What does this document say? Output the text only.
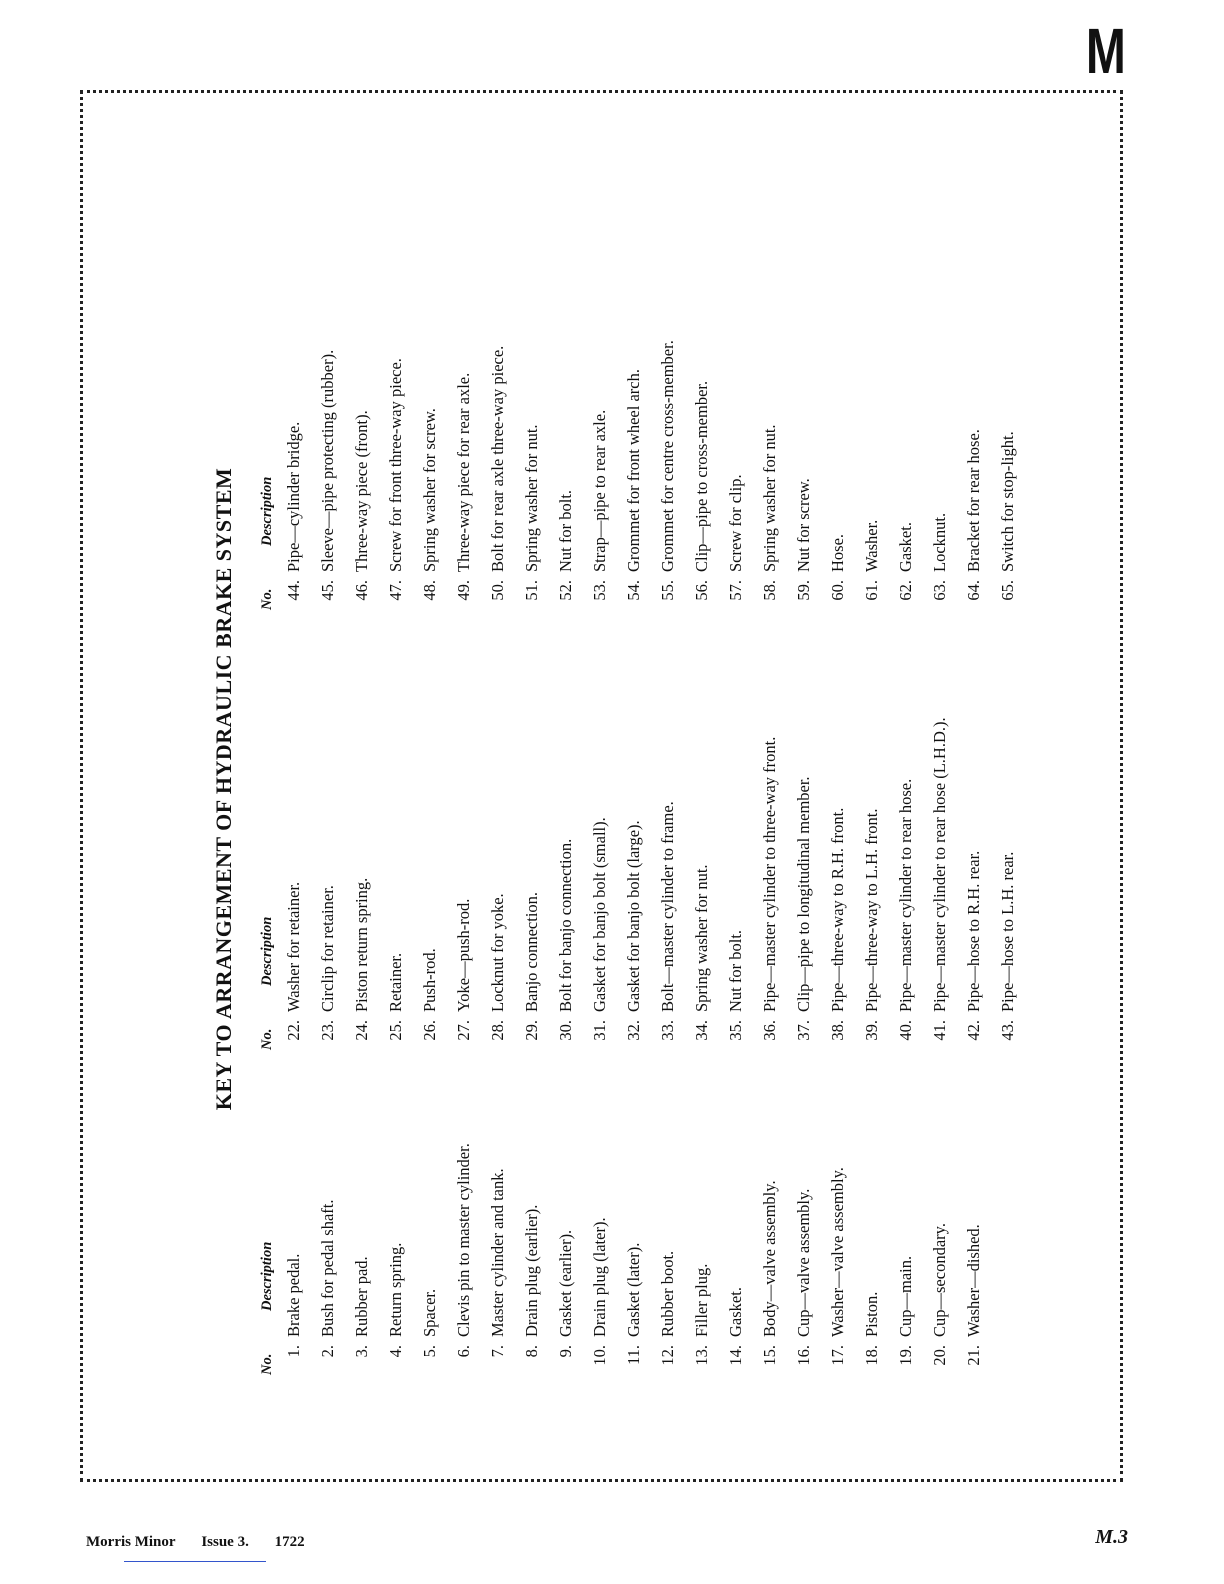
M
KEY TO ARRANGEMENT OF HYDRAULIC BRAKE SYSTEM
No.
Description
1.
Brake pedal.
2.
Bush for pedal shaft.
3.
Rubber pad.
4.
Return spring.
5.
Spacer.
6.
Clevis pin to master cylinder.
7.
Master cylinder and tank.
8.
Drain plug (earlier).
9.
Gasket (earlier).
10.
Drain plug (later).
11.
Gasket (later).
12.
Rubber boot.
13.
Filler plug.
14.
Gasket.
15.
Body—valve assembly.
16.
Cup—valve assembly.
17.
Washer—valve assembly.
18.
Piston.
19.
Cup—main.
20.
Cup—secondary.
21.
Washer—dished.
No.
Description
22.
Washer for retainer.
23.
Circlip for retainer.
24.
Piston return spring.
25.
Retainer.
26.
Push-rod.
27.
Yoke—push-rod.
28.
Locknut for yoke.
29.
Banjo connection.
30.
Bolt for banjo connection.
31.
Gasket for banjo bolt (small).
32.
Gasket for banjo bolt (large).
33.
Bolt—master cylinder to frame.
34.
Spring washer for nut.
35.
Nut for bolt.
36.
Pipe—master cylinder to three-way front.
37.
Clip—pipe to longitudinal member.
38.
Pipe—three-way to R.H. front.
39.
Pipe—three-way to L.H. front.
40.
Pipe—master cylinder to rear hose.
41.
Pipe—master cylinder to rear hose (L.H.D.).
42.
Pipe—hose to R.H. rear.
43.
Pipe—hose to L.H. rear.
No.
Description
44.
Pipe—cylinder bridge.
45.
Sleeve—pipe protecting (rubber).
46.
Three-way piece (front).
47.
Screw for front three-way piece.
48.
Spring washer for screw.
49.
Three-way piece for rear axle.
50.
Bolt for rear axle three-way piece.
51.
Spring washer for nut.
52.
Nut for bolt.
53.
Strap—pipe to rear axle.
54.
Grommet for front wheel arch.
55.
Grommet for centre cross-member.
56.
Clip—pipe to cross-member.
57.
Screw for clip.
58.
Spring washer for nut.
59.
Nut for screw.
60.
Hose.
61.
Washer.
62.
Gasket.
63.
Locknut.
64.
Bracket for rear hose.
65.
Switch for stop-light.
Morris Minor Issue 3. 1722	M.3
